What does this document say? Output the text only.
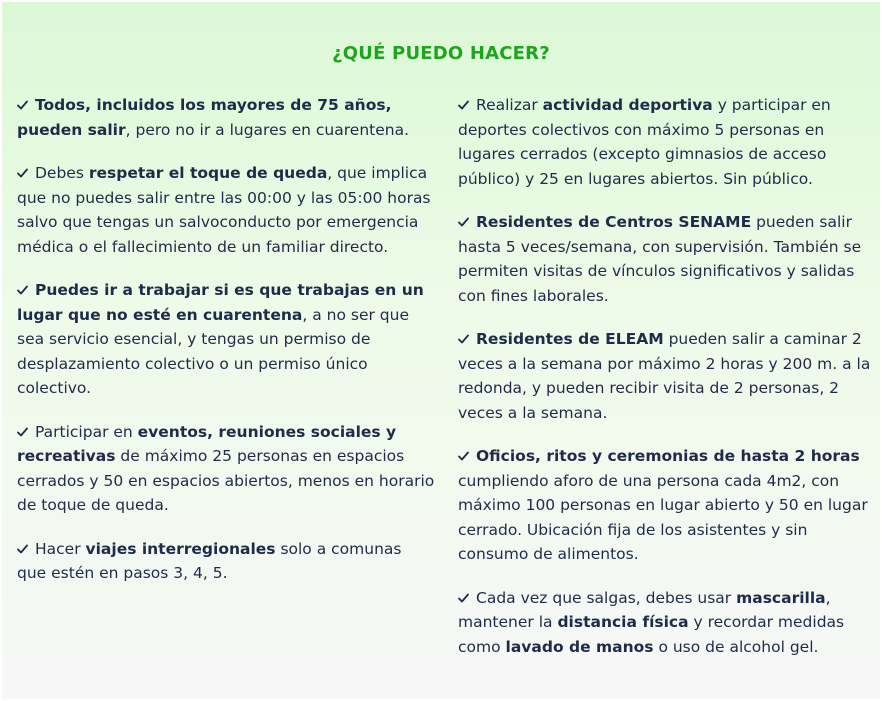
¿QUÉ PUEDO HACER?
Todos, incluidos los mayores de 75 años, pueden salir, pero no ir a lugares en cuarentena.
Debes respetar el toque de queda, que implica que no puedes salir entre las 00:00 y las 05:00 horas salvo que tengas un salvoconducto por emergencia médica o el fallecimiento de un familiar directo.
Puedes ir a trabajar si es que trabajas en un lugar que no esté en cuarentena, a no ser que sea servicio esencial, y tengas un permiso de desplazamiento colectivo o un permiso único colectivo.
Participar en eventos, reuniones sociales y recreativas de máximo 25 personas en espacios cerrados y 50 en espacios abiertos, menos en horario de toque de queda.
Hacer viajes interregionales solo a comunas que estén en pasos 3, 4, 5.
Realizar actividad deportiva y participar en deportes colectivos con máximo 5 personas en lugares cerrados (excepto gimnasios de acceso público) y 25 en lugares abiertos. Sin público.
Residentes de Centros SENAME pueden salir hasta 5 veces/semana, con supervisión. También se permiten visitas de vínculos significativos y salidas con fines laborales.
Residentes de ELEAM pueden salir a caminar 2 veces a la semana por máximo 2 horas y 200 m. a la redonda, y pueden recibir visita de 2 personas, 2 veces a la semana.
Oficios, ritos y ceremonias de hasta 2 horas cumpliendo aforo de una persona cada 4m2, con máximo 100 personas en lugar abierto y 50 en lugar cerrado. Ubicación fija de los asistentes y sin consumo de alimentos.
Cada vez que salgas, debes usar mascarilla, mantener la distancia física y recordar medidas como lavado de manos o uso de alcohol gel.
